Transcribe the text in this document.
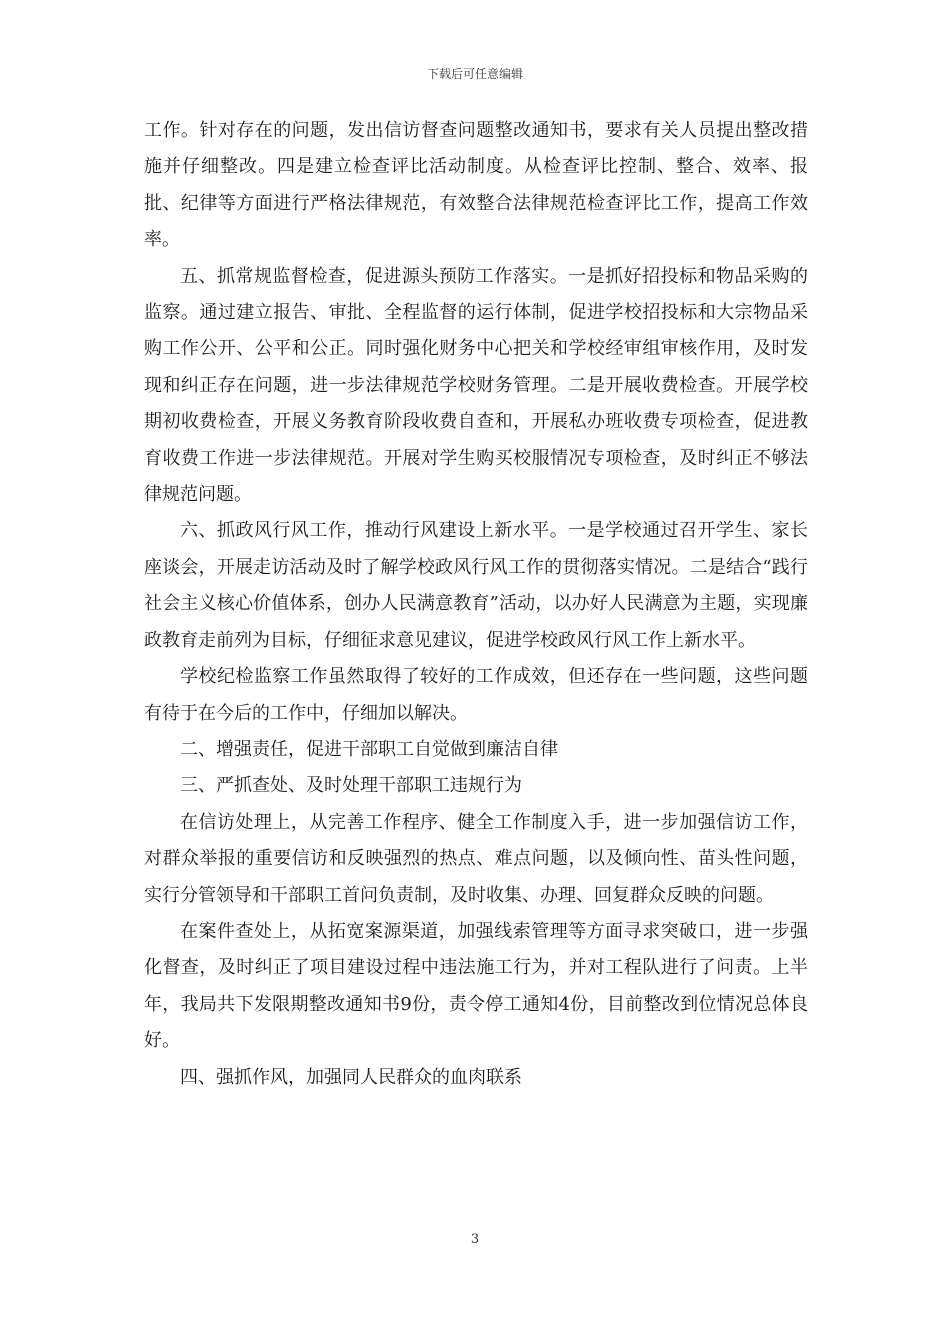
下载后可任意编辑

工作。针对存在的问题，发出信访督查问题整改通知书，要求有关人员提出整改措施并仔细整改。四是建立检查评比活动制度。从检查评比控制、整合、效率、报批、纪律等方面进行严格法律规范，有效整合法律规范检查评比工作，提高工作效率。

五、抓常规监督检查，促进源头预防工作落实。一是抓好招投标和物品采购的监察。通过建立报告、审批、全程监督的运行体制，促进学校招投标和大宗物品采购工作公开、公平和公正。同时强化财务中心把关和学校经审组审核作用，及时发现和纠正存在问题，进一步法律规范学校财务管理。二是开展收费检查。开展学校期初收费检查，开展义务教育阶段收费自查和，开展私办班收费专项检查，促进教育收费工作进一步法律规范。开展对学生购买校服情况专项检查，及时纠正不够法律规范问题。

六、抓政风行风工作，推动行风建设上新水平。一是学校通过召开学生、家长座谈会，开展走访活动及时了解学校政风行风工作的贯彻落实情况。二是结合“践行社会主义核心价值体系，创办人民满意教育”活动，以办好人民满意为主题，实现廉政教育走前列为目标，仔细征求意见建议，促进学校政风行风工作上新水平。

学校纪检监察工作虽然取得了较好的工作成效，但还存在一些问题，这些问题有待于在今后的工作中，仔细加以解决。

二、增强责任，促进干部职工自觉做到廉洁自律

三、严抓查处、及时处理干部职工违规行为

在信访处理上，从完善工作程序、健全工作制度入手，进一步加强信访工作，对群众举报的重要信访和反映强烈的热点、难点问题，以及倾向性、苗头性问题，实行分管领导和干部职工首问负责制，及时收集、办理、回复群众反映的问题。

在案件查处上，从拓宽案源渠道，加强线索管理等方面寻求突破口，进一步强化督查，及时纠正了项目建设过程中违法施工行为，并对工程队进行了问责。上半年，我局共下发限期整改通知书9份，责令停工通知4份，目前整改到位情况总体良好。

四、强抓作风，加强同人民群众的血肉联系

3
